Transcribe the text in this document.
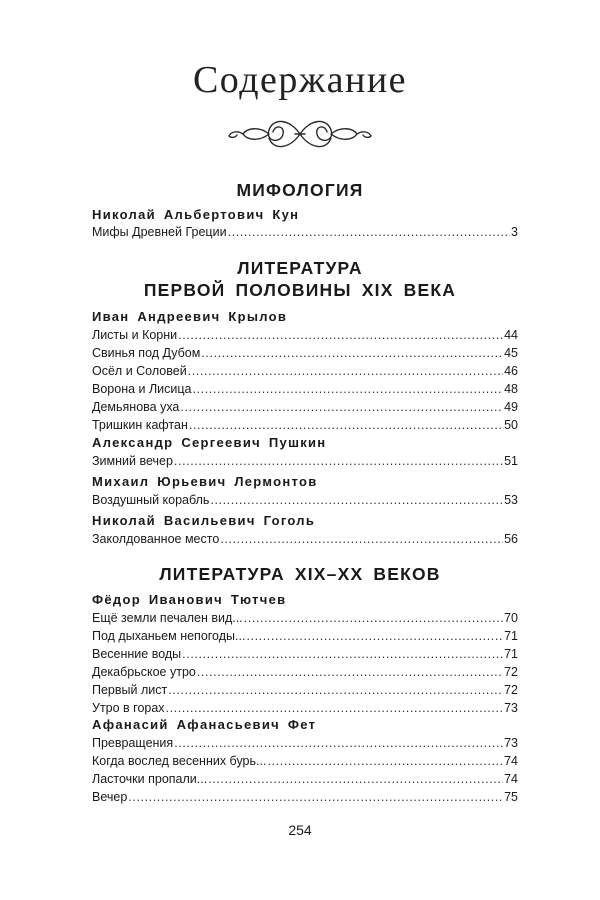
Содержание
МИФОЛОГИЯ
Николай Альбертович Кун
Мифы Древней Греции .....	3
ЛИТЕРАТУРА
ПЕРВОЙ ПОЛОВИНЫ XIX ВЕКА
Иван Андреевич Крылов
Листы и Корни .....	44
Свинья под Дубом .....	45
Осёл и Соловей .....	46
Ворона и Лисица .....	48
Демьянова уха .....	49
Тришкин кафтан .....	50
Александр Сергеевич Пушкин
Зимний вечер .....	51
Михаил Юрьевич Лермонтов
Воздушный корабль .....	53
Николай Васильевич Гоголь
Заколдованное место .....	56
ЛИТЕРАТУРА XIX–XX ВЕКОВ
Фёдор Иванович Тютчев
Ещё земли печален вид... .....	70
Под дыханьем непогоды... .....	71
Весенние воды .....	71
Декабрьское утро .....	72
Первый лист .....	72
Утро в горах .....	73
Афанасий Афанасьевич Фет
Превращения .....	73
Когда вослед весенних бурь... .....	74
Ласточки пропали... .....	74
Вечер .....	75
254
